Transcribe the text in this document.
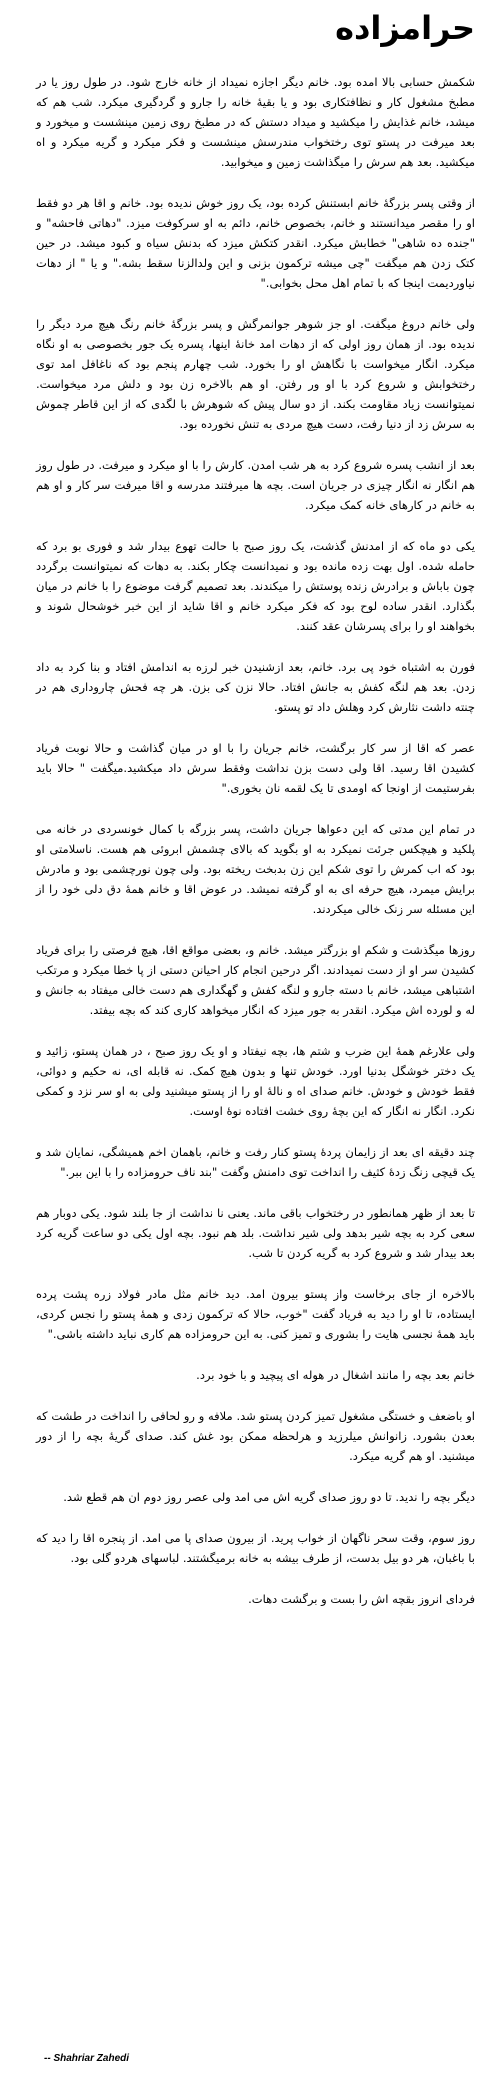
حرامزاده

شکمش حسابی بالا امده بود. خانم دیگر اجازه نمیداد از خانه خارج شود. در طول روز یا در مطبخ مشغول کار و نظافتکاری بود و یا بقیهٔ خانه را جارو و گردگیری میکرد. شب هم که میشد، خانم غذایش را میکشید و میداد دستش که در مطبخ روی زمین مینشست و میخورد و بعد میرفت در پستو توی رختخواب مندرسش مینشست و فکر میکرد و گریه میکرد و اه میکشید. بعد هم سرش را میگذاشت زمین و میخوابید.

از وقتی پسر بزرگهٔ خانم ابستنش کرده بود، یک روز خوش ندیده بود. خانم و اقا هر دو فقط او را مقصر میدانستند و خانم، بخصوص خانم، دائم به او سرکوفت میزد. "دهاتی فاحشه" و "جنده ده شاهی" خطابش میکرد. انقدر کتکش میزد که بدنش سیاه و کبود میشد. در حین کتک زدن هم میگفت "چی میشه ترکمون بزنی و این ولدالزنا سقط بشه." و یا " از دهات نیاوردیمت اینجا که با تمام اهل محل بخوابی."

ولی خانم دروغ میگفت. او جز شوهر جوانمرگش و پسر بزرگهٔ خانم رنگ هیچ مرد دیگر را ندیده بود. از همان روز اولی که از دهات امد خانهٔ اینها، پسره یک جور بخصوصی به او نگاه میکرد. انگار میخواست با نگاهش او را بخورد. شب چهارم پنجم بود که ناغافل امد توی رختخوابش و شروع کرد با او ور رفتن. او هم بالاخره زن بود و دلش مرد میخواست. نمیتوانست زیاد مقاومت بکند. از دو سال پیش که شوهرش با لگدی که از این قاطر چموش به سرش زد از دنیا رفت، دست هیچ مردی به تنش نخورده بود.

بعد از انشب پسره شروع کرد به هر شب امدن. کارش را با او میکرد و میرفت. در طول روز هم انگار نه انگار چیزی در جریان است. بچه ها میرفتند مدرسه و اقا میرفت سر کار و او هم به خانم در کارهای خانه کمک میکرد.

یکی دو ماه که از امدنش گذشت، یک روز صبح با حالت تهوع بیدار شد و فوری بو برد که حامله شده. اول بهت زده مانده بود و نمیدانست چکار بکند. به دهات که نمیتوانست برگردد چون باباش و برادرش زنده پوستش را میکندند. بعد تصمیم گرفت موضوع را با خانم در میان بگذارد. انقدر ساده لوح بود که فکر میکرد خانم و اقا شاید از این خبر خوشحال شوند و بخواهند او را برای پسرشان عقد کنند.

فورن به اشتباه خود پی برد. خانم، بعد ازشنیدن خبر لرزه به اندامش افتاد و بنا کرد به داد زدن. بعد هم لنگه کفش به جانش افتاد. حالا نزن کی بزن. هر چه فحش چاروداری هم در چنته داشت نثارش کرد وهلش داد تو پستو.

عصر که اقا از سر کار برگشت، خانم جریان را با او در میان گذاشت و حالا نوبت فریاد کشیدن اقا رسید. اقا ولی دست بزن نداشت وفقط سرش داد میکشید.میگفت " حالا باید بفرستیمت از اونجا که اومدی تا یک لقمه نان بخوری."

در تمام این مدتی که این دعواها جریان داشت، پسر بزرگه با کمال خونسردی در خانه می پلکید و هیچکس جرئت نمیکرد به او بگوید که بالای چشمش ابروئی هم هست. ناسلامتی او بود که اب کمرش را توی شکم این زن بدبخت ریخته بود. ولی چون نورچشمی بود و مادرش برایش میمرد، هیچ حرفه ای به او گرفته نمیشد. در عوض اقا و خانم همهٔ دق دلی خود را از این مسئله سر زنک خالی میکردند.

روزها میگذشت و شکم او بزرگتر میشد. خانم و، بعضی مواقع اقا، هیچ فرصتی را برای فریاد کشیدن سر او از دست نمیدادند. اگر درحین انجام کار احیانن دستی از پا خطا میکرد و مرتکب اشتباهی میشد، خانم با دسته جارو و لنگه کفش و گهگداری هم دست خالی میفتاد به جانش و له و لورده اش میکرد. انقدر به جور میزد که انگار میخواهد کاری کند که بچه بیفتد.

ولی علارغم همهٔ این ضرب و شتم ها، بچه نیفتاد و او یک روز صبح ، در همان پستو، زائید و یک دختر خوشگل بدنیا اورد. خودش تنها و بدون هیچ کمک. نه قابله ای، نه حکیم و دوائی، فقط خودش و خودش. خانم صدای اه و نالهٔ او را از پستو میشنید ولی به او سر نزد و کمکی نکرد. انگار نه انگار که این بچهٔ روی خشت افتاده نوهٔ اوست.

چند دقیقه ای بعد از زایمان پردهٔ پستو کنار رفت و خانم، باهمان اخم همیشگی، نمایان شد و یک قیچی زنگ زدهٔ کثیف را انداخت توی دامنش وگفت "بند ناف حرومزاده را با این ببر."

تا بعد از ظهر همانطور در رختخواب باقی ماند. یعنی نا نداشت از جا بلند شود. یکی دوبار هم سعی کرد به بچه شیر بدهد ولی شیر نداشت. بلد هم نبود. بچه اول یکی دو ساعت گریه کرد بعد بیدار شد و شروع کرد به گریه کردن تا شب.

بالاخره از جای برخاست واز پستو بیرون امد. دید خانم مثل مادر فولاد زره پشت پرده ایستاده، تا او را دید به فریاد گفت "خوب، حالا که ترکمون زدی و همهٔ پستو را نجس کردی، باید همهٔ نجسی هایت را بشوری و تمیز کنی. به این حرومزاده هم کاری نباید داشته باشی."

خانم بعد بچه را مانند اشغال در هوله ای پیچید و با خود برد.

او باضعف و خستگی مشغول تمیز کردن پستو شد. ملافه و رو لحافی را انداخت در طشت که بعدن بشورد. زانوانش میلرزید و هرلحظه ممکن بود غش کند. صدای گریهٔ بچه را از دور میشنید. او هم گریه میکرد.

دیگر بچه را ندید. تا دو روز صدای گریه اش می امد ولی عصر روز دوم ان هم قطع شد.

روز سوم، وقت سحر ناگهان از خواب پرید. از بیرون صدای پا می امد. از پنجره اقا را دید که با باغبان، هر دو بیل بدست، از طرف بیشه به خانه برمیگشتند. لباسهای هردو گلی بود.

فردای انروز بقچه اش را بست و برگشت دهات.

-- Shahriar Zahedi
